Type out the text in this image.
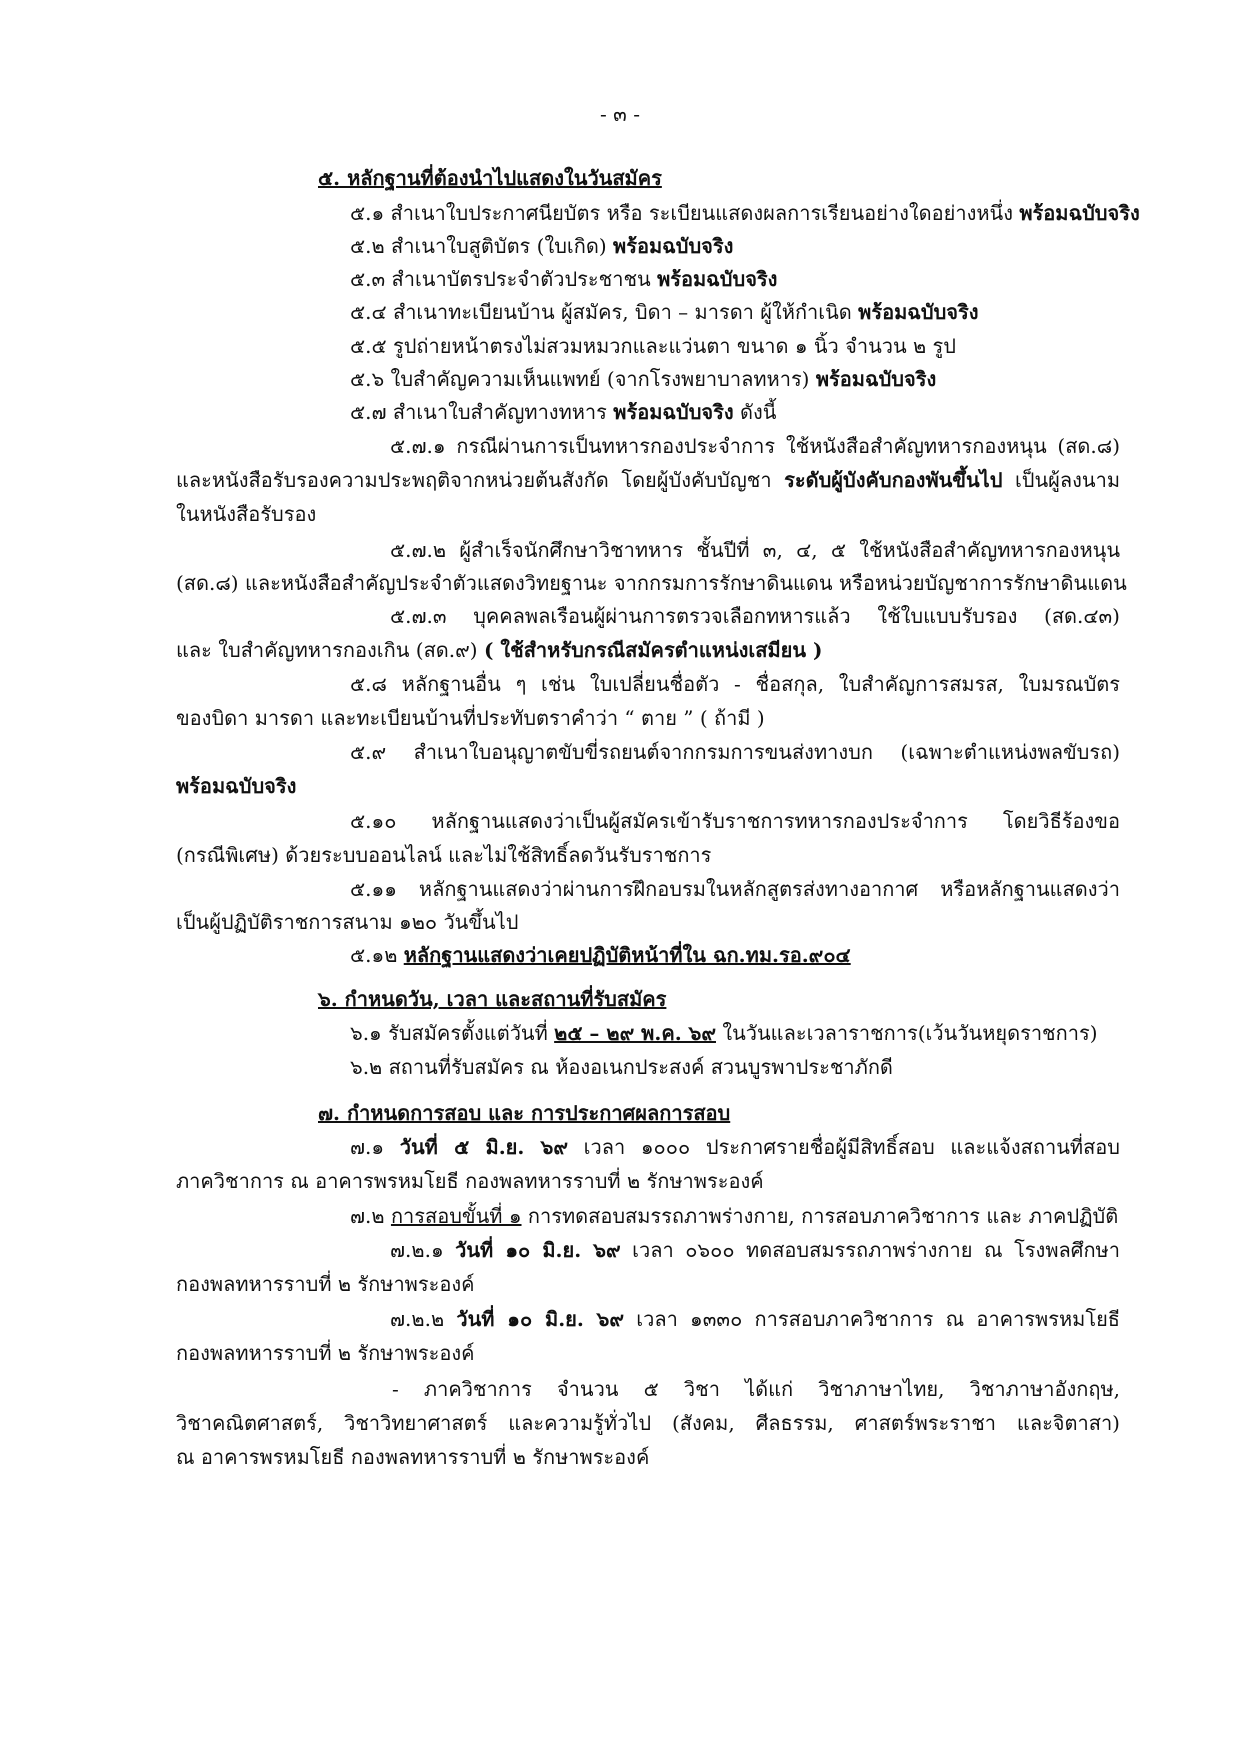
- ๓ -
๕. หลักฐานที่ต้องนำไปแสดงในวันสมัคร
๕.๑ สำเนาใบประกาศนียบัตร หรือ ระเบียนแสดงผลการเรียนอย่างใดอย่างหนึ่ง พร้อมฉบับจริง
๕.๒ สำเนาใบสูติบัตร (ใบเกิด) พร้อมฉบับจริง
๕.๓ สำเนาบัตรประจำตัวประชาชน พร้อมฉบับจริง
๕.๔ สำเนาทะเบียนบ้าน ผู้สมัคร, บิดา – มารดา ผู้ให้กำเนิด พร้อมฉบับจริง
๕.๕ รูปถ่ายหน้าตรงไม่สวมหมวกและแว่นตา ขนาด ๑ นิ้ว จำนวน ๒ รูป
๕.๖ ใบสำคัญความเห็นแพทย์ (จากโรงพยาบาลทหาร) พร้อมฉบับจริง
๕.๗ สำเนาใบสำคัญทางทหาร พร้อมฉบับจริง ดังนี้
๕.๗.๑ กรณีผ่านการเป็นทหารกองประจำการ ใช้หนังสือสำคัญทหารกองหนุน (สด.๘)
และหนังสือรับรองความประพฤติจากหน่วยต้นสังกัด โดยผู้บังคับบัญชา ระดับผู้บังคับกองพันขึ้นไป เป็นผู้ลงนาม
ในหนังสือรับรอง
๕.๗.๒ ผู้สำเร็จนักศึกษาวิชาทหาร ชั้นปีที่ ๓, ๔, ๕ ใช้หนังสือสำคัญทหารกองหนุน
(สด.๘) และหนังสือสำคัญประจำตัวแสดงวิทยฐานะ จากกรมการรักษาดินแดน หรือหน่วยบัญชาการรักษาดินแดน
๕.๗.๓ บุคคลพลเรือนผู้ผ่านการตรวจเลือกทหารแล้ว ใช้ใบแบบรับรอง (สด.๔๓)
และ ใบสำคัญทหารกองเกิน (สด.๙) ( ใช้สำหรับกรณีสมัครตำแหน่งเสมียน )
๕.๘ หลักฐานอื่น ๆ เช่น ใบเปลี่ยนชื่อตัว - ชื่อสกุล, ใบสำคัญการสมรส, ใบมรณบัตร
ของบิดา มารดา และทะเบียนบ้านที่ประทับตราคำว่า “ ตาย ” ( ถ้ามี )
๕.๙ สำเนาใบอนุญาตขับขี่รถยนต์จากกรมการขนส่งทางบก (เฉพาะตำแหน่งพลขับรถ)
พร้อมฉบับจริง
๕.๑๐ หลักฐานแสดงว่าเป็นผู้สมัครเข้ารับราชการทหารกองประจำการ โดยวิธีร้องขอ
(กรณีพิเศษ) ด้วยระบบออนไลน์ และไม่ใช้สิทธิ์ลดวันรับราชการ
๕.๑๑ หลักฐานแสดงว่าผ่านการฝึกอบรมในหลักสูตรส่งทางอากาศ หรือหลักฐานแสดงว่า
เป็นผู้ปฏิบัติราชการสนาม ๑๒๐ วันขึ้นไป
๕.๑๒ หลักฐานแสดงว่าเคยปฏิบัติหน้าที่ใน ฉก.ทม.รอ.๙๐๔
๖. กำหนดวัน, เวลา และสถานที่รับสมัคร
๖.๑ รับสมัครตั้งแต่วันที่ ๒๕ – ๒๙ พ.ค. ๖๙ ในวันและเวลาราชการ(เว้นวันหยุดราชการ)
๖.๒ สถานที่รับสมัคร ณ ห้องอเนกประสงค์ สวนบูรพาประชาภักดี
๗. กำหนดการสอบ และ การประกาศผลการสอบ
๗.๑ วันที่ ๕ มิ.ย. ๖๙ เวลา ๑๐๐๐ ประกาศรายชื่อผู้มีสิทธิ์สอบ และแจ้งสถานที่สอบ
ภาควิชาการ ณ อาคารพรหมโยธี กองพลทหารราบที่ ๒ รักษาพระองค์
๗.๒ การสอบขั้นที่ ๑ การทดสอบสมรรถภาพร่างกาย, การสอบภาควิชาการ และ ภาคปฏิบัติ
๗.๒.๑ วันที่ ๑๐ มิ.ย. ๖๙ เวลา ๐๖๐๐ ทดสอบสมรรถภาพร่างกาย ณ โรงพลศึกษา
กองพลทหารราบที่ ๒ รักษาพระองค์
๗.๒.๒ วันที่ ๑๐ มิ.ย. ๖๙ เวลา ๑๓๓๐ การสอบภาควิชาการ ณ อาคารพรหมโยธี
กองพลทหารราบที่ ๒ รักษาพระองค์
- ภาควิชาการ จำนวน ๕ วิชา ได้แก่ วิชาภาษาไทย, วิชาภาษาอังกฤษ,
วิชาคณิตศาสตร์, วิชาวิทยาศาสตร์ และความรู้ทั่วไป (สังคม, ศีลธรรม, ศาสตร์พระราชา และจิตาสา)
ณ อาคารพรหมโยธี กองพลทหารราบที่ ๒ รักษาพระองค์
